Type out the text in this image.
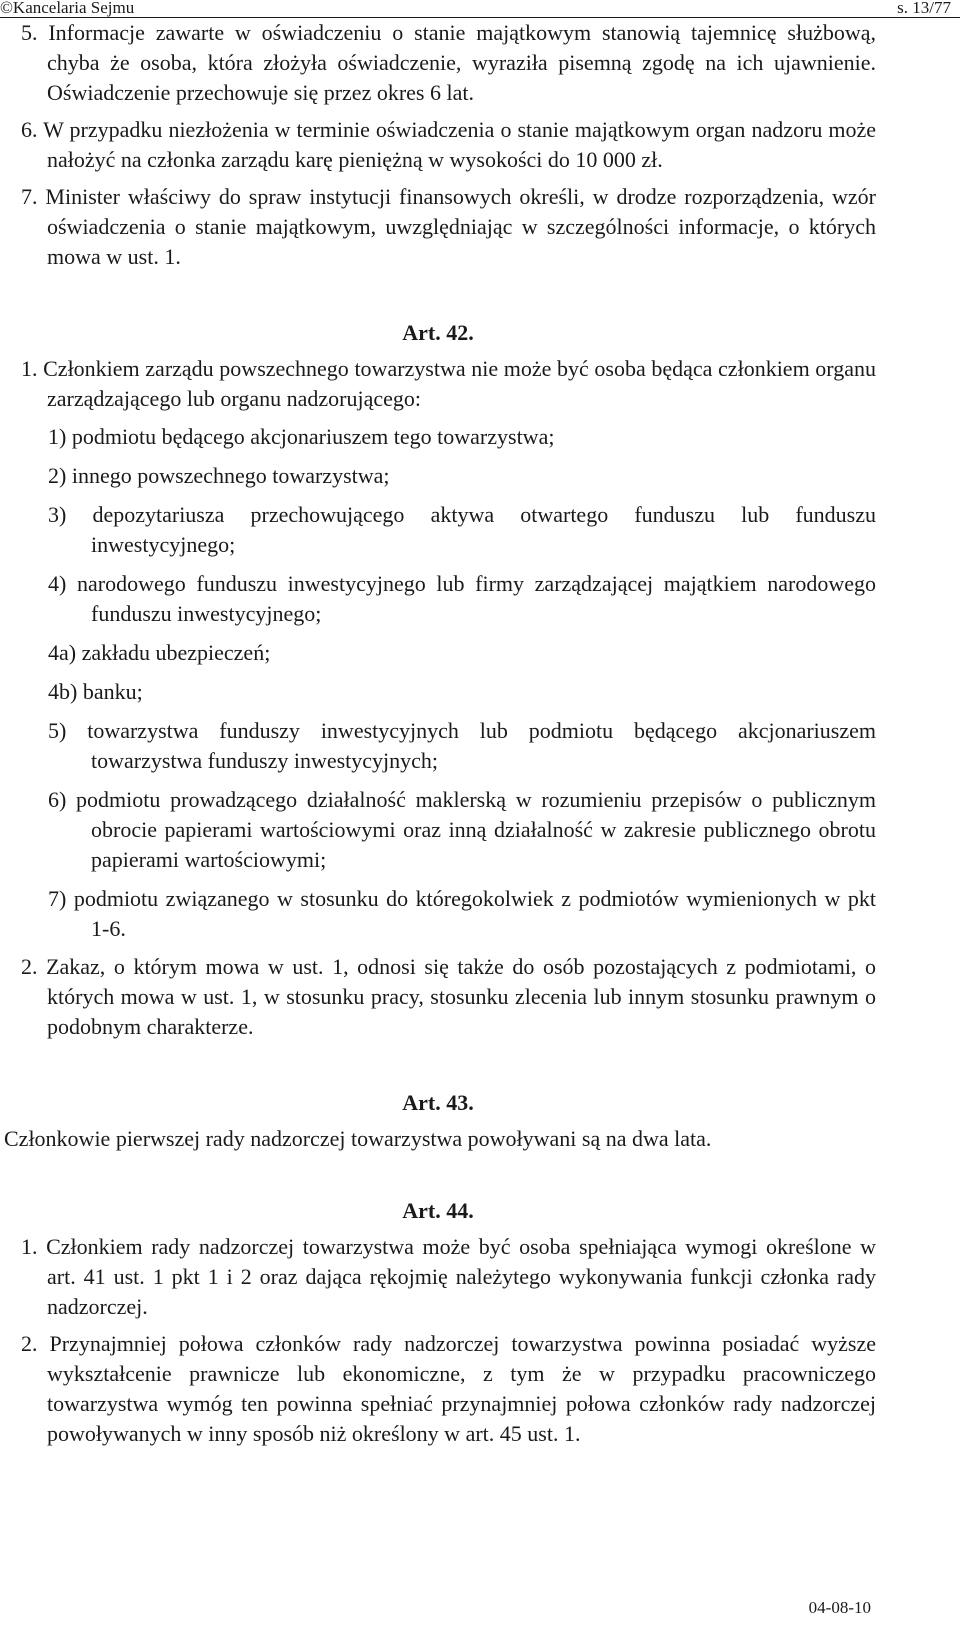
©Kancelaria Sejmu	s. 13/77

5. Informacje zawarte w oświadczeniu o stanie majątkowym stanowią tajemnicę służbową, chyba że osoba, która złożyła oświadczenie, wyraziła pisemną zgodę na ich ujawnienie. Oświadczenie przechowuje się przez okres 6 lat.

6. W przypadku niezłożenia w terminie oświadczenia o stanie majątkowym organ nadzoru może nałożyć na członka zarządu karę pieniężną w wysokości do 10 000 zł.

7. Minister właściwy do spraw instytucji finansowych określi, w drodze rozporządzenia, wzór oświadczenia o stanie majątkowym, uwzględniając w szczególności informacje, o których mowa w ust. 1.

Art. 42.

1. Członkiem zarządu powszechnego towarzystwa nie może być osoba będąca członkiem organu zarządzającego lub organu nadzorującego:

1) podmiotu będącego akcjonariuszem tego towarzystwa;

2) innego powszechnego towarzystwa;

3) depozytariusza przechowującego aktywa otwartego funduszu lub funduszu inwestycyjnego;

4) narodowego funduszu inwestycyjnego lub firmy zarządzającej majątkiem narodowego funduszu inwestycyjnego;

4a) zakładu ubezpieczeń;

4b) banku;

5) towarzystwa funduszy inwestycyjnych lub podmiotu będącego akcjonariuszem towarzystwa funduszy inwestycyjnych;

6) podmiotu prowadzącego działalność maklerską w rozumieniu przepisów o publicznym obrocie papierami wartościowymi oraz inną działalność w zakresie publicznego obrotu papierami wartościowymi;

7) podmiotu związanego w stosunku do któregokolwiek z podmiotów wymienionych w pkt 1-6.

2. Zakaz, o którym mowa w ust. 1, odnosi się także do osób pozostających z podmiotami, o których mowa w ust. 1, w stosunku pracy, stosunku zlecenia lub innym stosunku prawnym o podobnym charakterze.

Art. 43.

Członkowie pierwszej rady nadzorczej towarzystwa powoływani są na dwa lata.

Art. 44.

1. Członkiem rady nadzorczej towarzystwa może być osoba spełniająca wymogi określone w art. 41 ust. 1 pkt 1 i 2 oraz dająca rękojmię należytego wykonywania funkcji członka rady nadzorczej.

2. Przynajmniej połowa członków rady nadzorczej towarzystwa powinna posiadać wyższe wykształcenie prawnicze lub ekonomiczne, z tym że w przypadku pracowniczego towarzystwa wymóg ten powinna spełniać przynajmniej połowa członków rady nadzorczej powoływanych w inny sposób niż określony w art. 45 ust. 1.

04-08-10
